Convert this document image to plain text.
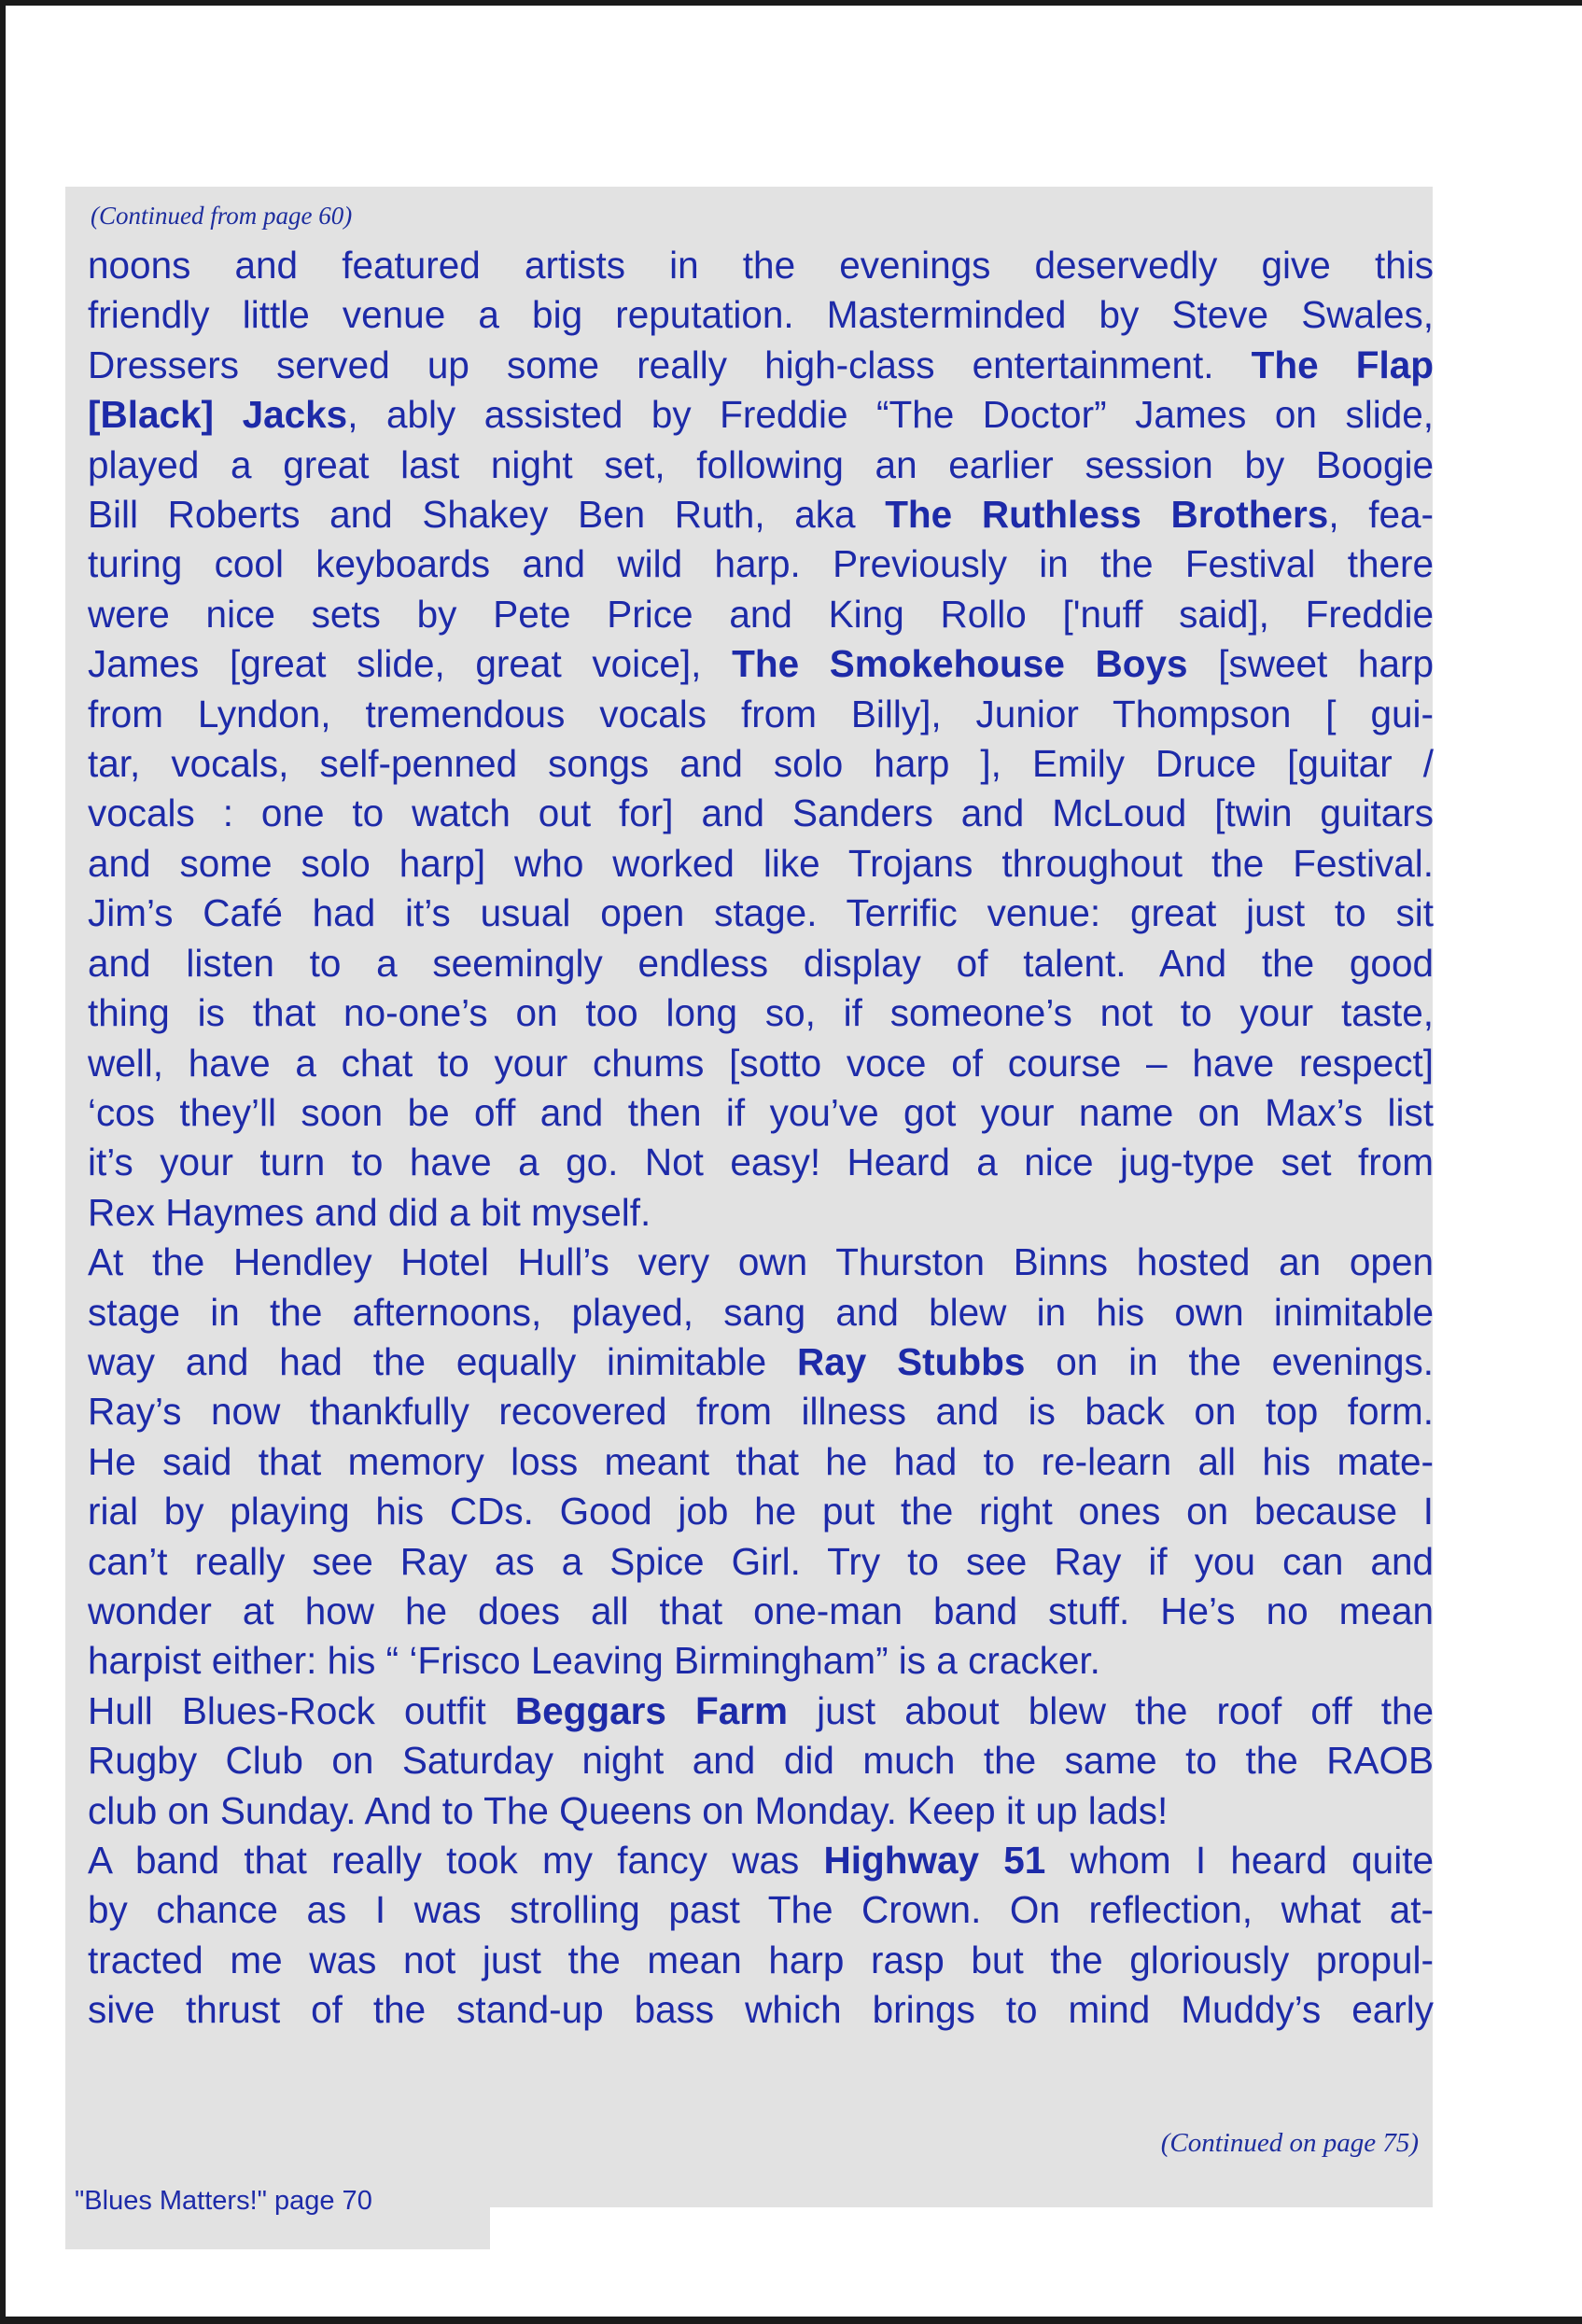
(Continued from page 60)
noons and featured artists in the evenings deservedly give this
friendly little venue a big reputation. Masterminded by Steve Swales,
Dressers served up some really high-class entertainment. The Flap
[Black] Jacks, ably assisted by Freddie “The Doctor” James on slide,
played a great last night set, following an earlier session by Boogie
Bill Roberts and Shakey Ben Ruth, aka The Ruthless Brothers, fea-
turing cool keyboards and wild harp. Previously in the Festival there
were nice sets by Pete Price and King Rollo ['nuff said], Freddie
James [great slide, great voice], The Smokehouse Boys [sweet harp
from Lyndon, tremendous vocals from Billy], Junior Thompson [ gui-
tar, vocals, self-penned songs and solo harp ], Emily Druce [guitar /
vocals : one to watch out for] and Sanders and McLoud [twin guitars
and some solo harp] who worked like Trojans throughout the Festival.
Jim’s Café had it’s usual open stage. Terrific venue: great just to sit
and listen to a seemingly endless display of talent. And the good
thing is that no-one’s on too long so, if someone’s not to your taste,
well, have a chat to your chums [sotto voce of course – have respect]
‘cos they’ll soon be off and then if you’ve got your name on Max’s list
it’s your turn to have a go. Not easy! Heard a nice jug-type set from
Rex Haymes and did a bit myself.
At the Hendley Hotel Hull’s very own Thurston Binns hosted an open
stage in the afternoons, played, sang and blew in his own inimitable
way and had the equally inimitable Ray Stubbs on in the evenings.
Ray’s now thankfully recovered from illness and is back on top form.
He said that memory loss meant that he had to re-learn all his mate-
rial by playing his CDs. Good job he put the right ones on because I
can’t really see Ray as a Spice Girl. Try to see Ray if you can and
wonder at how he does all that one-man band stuff. He’s no mean
harpist either: his “ ‘Frisco Leaving Birmingham” is a cracker.
Hull Blues-Rock outfit Beggars Farm just about blew the roof off the
Rugby Club on Saturday night and did much the same to the RAOB
club on Sunday. And to The Queens on Monday. Keep it up lads!
A band that really took my fancy was Highway 51 whom I heard quite
by chance as I was strolling past The Crown. On reflection, what at-
tracted me was not just the mean harp rasp but the gloriously propul-
sive thrust of the stand-up bass which brings to mind Muddy’s early
(Continued on page 75)
"Blues Matters!" page 70
